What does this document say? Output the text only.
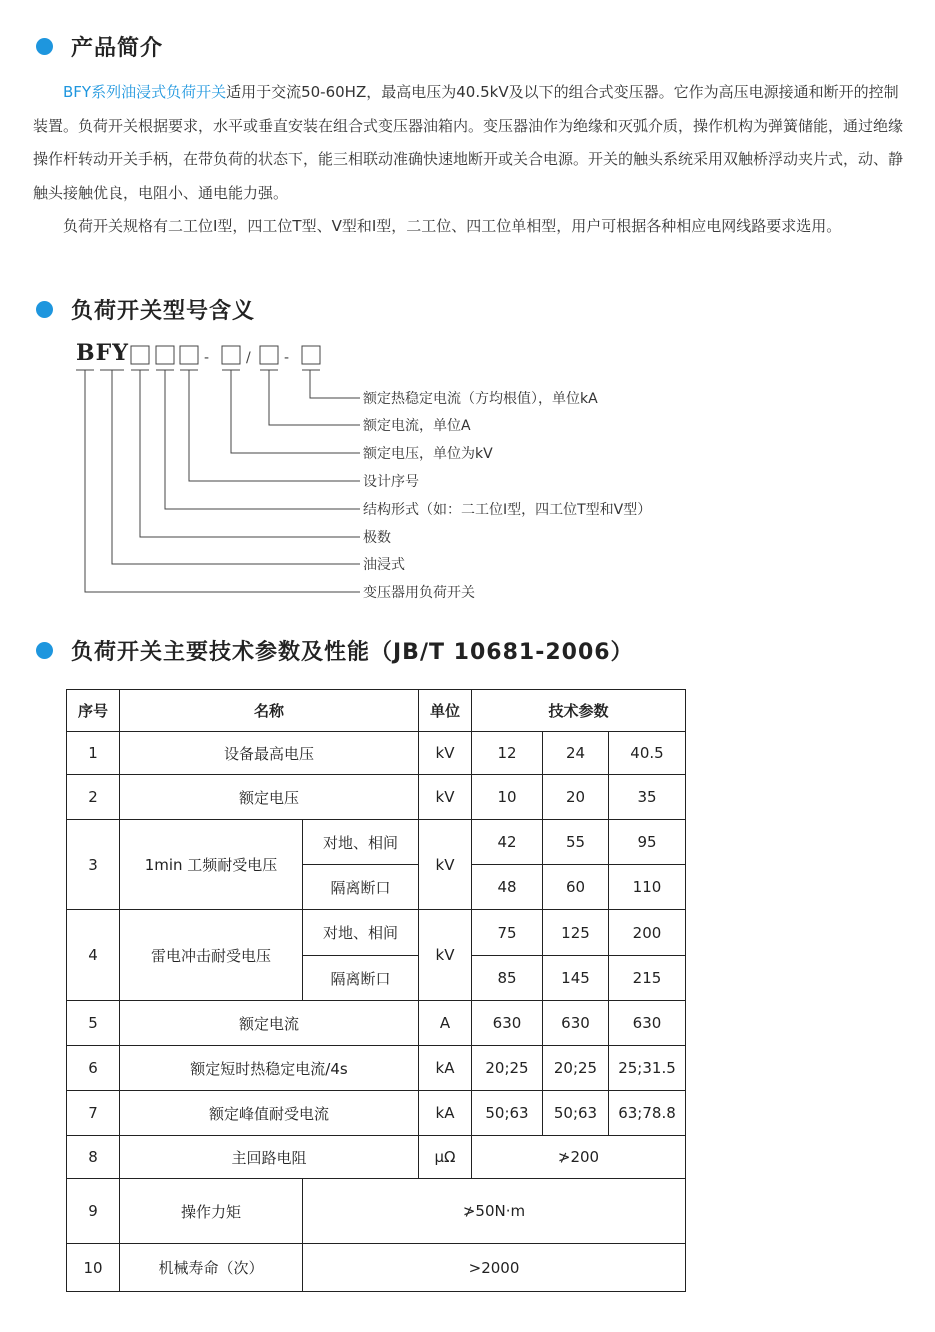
产品简介

BFY系列油浸式负荷开关适用于交流50-60HZ，最高电压为40.5kV及以下的组合式变压器。它作为高压电源接通和断开的控制装置。负荷开关根据要求，水平或垂直安装在组合式变压器油箱内。变压器油作为绝缘和灭弧介质，操作机构为弹簧储能，通过绝缘操作杆转动开关手柄，在带负荷的状态下，能三相联动准确快速地断开或关合电源。开关的触头系统采用双触桥浮动夹片式，动、静触头接触优良，电阻小、通电能力强。

负荷开关规格有二工位I型，四工位T型、V型和I型，二工位、四工位单相型，用户可根据各种相应电网线路要求选用。

负荷开关型号含义
BFY	-	/ -
额定热稳定电流（方均根值），单位kA
额定电流，单位A
额定电压，单位为kV
设计序号
结构形式（如：二工位I型，四工位T型和V型）
极数
油浸式
变压器用负荷开关
负荷开关主要技术参数及性能（JB/T 10681-2006）
序号	名称		单位	技术参数		
1	设备最高电压		kV	12	24	40.5
2	额定电压		kV	10	20	35
3	1min 工频耐受电压	对地、相间	kV	42	55	95
		隔离断口		48	60	110
4	雷电冲击耐受电压	对地、相间	kV	75	125	200
		隔离断口		85	145	215
5	额定电流		A	630	630	630
6	额定短时热稳定电流/4s		kA	20;25	20;25	25;31.5
7	额定峰值耐受电流		kA	50;63	50;63	63;78.8
8	主回路电阻		μΩ	≯200		
9	操作力矩	≯50N·m				
10	机械寿命（次）	>2000				
